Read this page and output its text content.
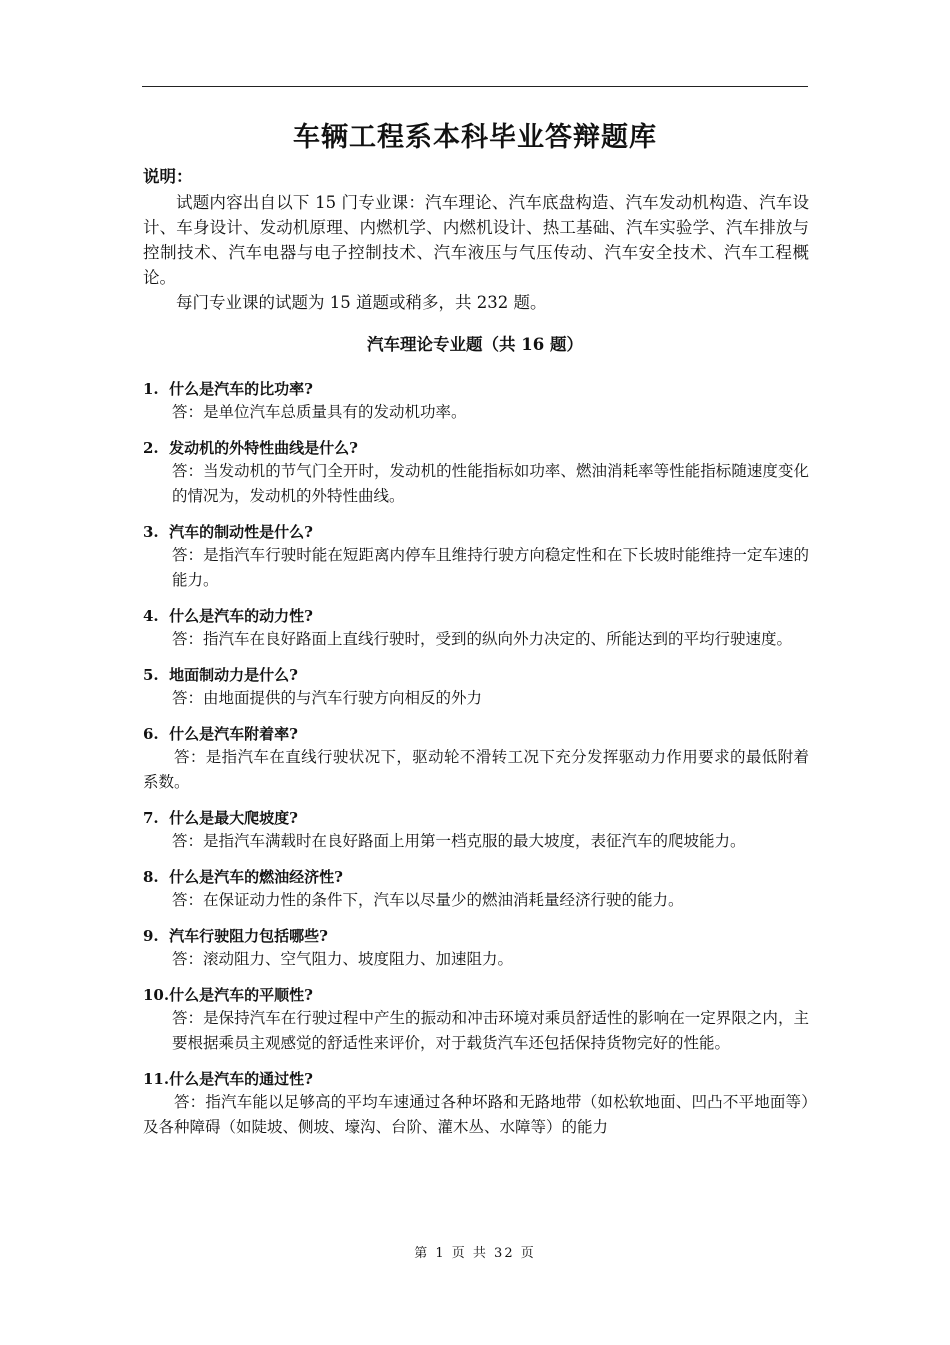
车辆工程系本科毕业答辩题库
说明：

试题内容出自以下 15 门专业课：汽车理论、汽车底盘构造、汽车发动机构造、汽车设计、车身设计、发动机原理、内燃机学、内燃机设计、热工基础、汽车实验学、汽车排放与控制技术、汽车电器与电子控制技术、汽车液压与气压传动、汽车安全技术、汽车工程概论。

每门专业课的试题为 15 道题或稍多，共 232 题。

汽车理论专业题（共 16 题）
1. 什么是汽车的比功率?

答：是单位汽车总质量具有的发动机功率。

2. 发动机的外特性曲线是什么?

答：当发动机的节气门全开时，发动机的性能指标如功率、燃油消耗率等性能指标随速度变化的情况为，发动机的外特性曲线。

3. 汽车的制动性是什么?

答：是指汽车行驶时能在短距离内停车且维持行驶方向稳定性和在下长坡时能维持一定车速的能力。

4. 什么是汽车的动力性?

答：指汽车在良好路面上直线行驶时，受到的纵向外力决定的、所能达到的平均行驶速度。

5. 地面制动力是什么?

答：由地面提供的与汽车行驶方向相反的外力

6. 什么是汽车附着率?

答：是指汽车在直线行驶状况下，驱动轮不滑转工况下充分发挥驱动力作用要求的最低附着系数。

7. 什么是最大爬坡度?

答：是指汽车满载时在良好路面上用第一档克服的最大坡度，表征汽车的爬坡能力。

8. 什么是汽车的燃油经济性?

答：在保证动力性的条件下，汽车以尽量少的燃油消耗量经济行驶的能力。

9. 汽车行驶阻力包括哪些?

答：滚动阻力、空气阻力、坡度阻力、加速阻力。

10. 什么是汽车的平顺性?

答：是保持汽车在行驶过程中产生的振动和冲击环境对乘员舒适性的影响在一定界限之内，主要根据乘员主观感觉的舒适性来评价，对于载货汽车还包括保持货物完好的性能。

11. 什么是汽车的通过性?

答：指汽车能以足够高的平均车速通过各种坏路和无路地带（如松软地面、凹凸不平地面等）及各种障碍（如陡坡、侧坡、壕沟、台阶、灌木丛、水障等）的能力

第 1 页 共 32 页
